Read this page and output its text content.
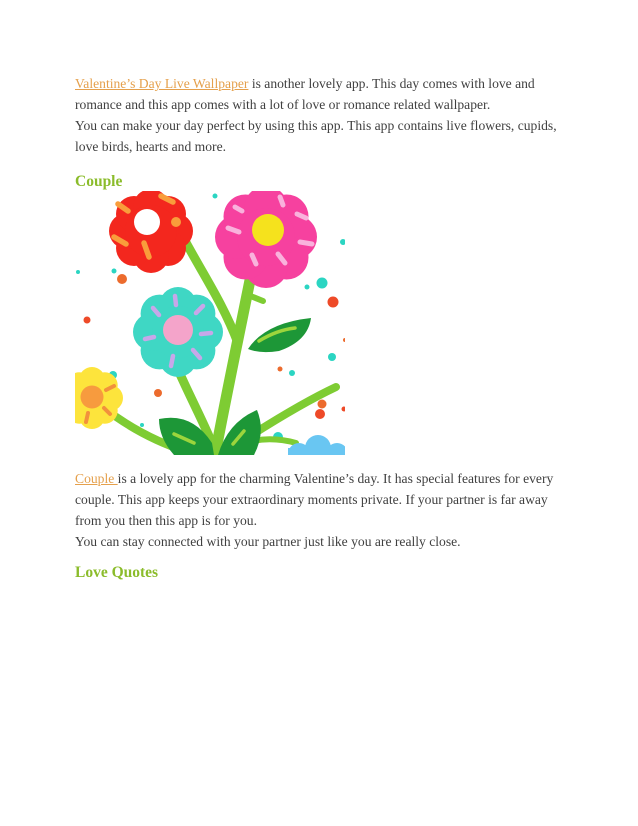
Valentine’s Day Live Wallpaper is another lovely app. This day comes with love and romance and this app comes with a lot of love or romance related wallpaper.
You can make your day perfect by using this app. This app contains live flowers, cupids, love birds, hearts and more.

Couple

Couple is a lovely app for the charming Valentine’s day. It has special features for every couple. This app keeps your extraordinary moments private. If your partner is far away from you then this app is for you.
You can stay connected with your partner just like you are really close.

Love Quotes
